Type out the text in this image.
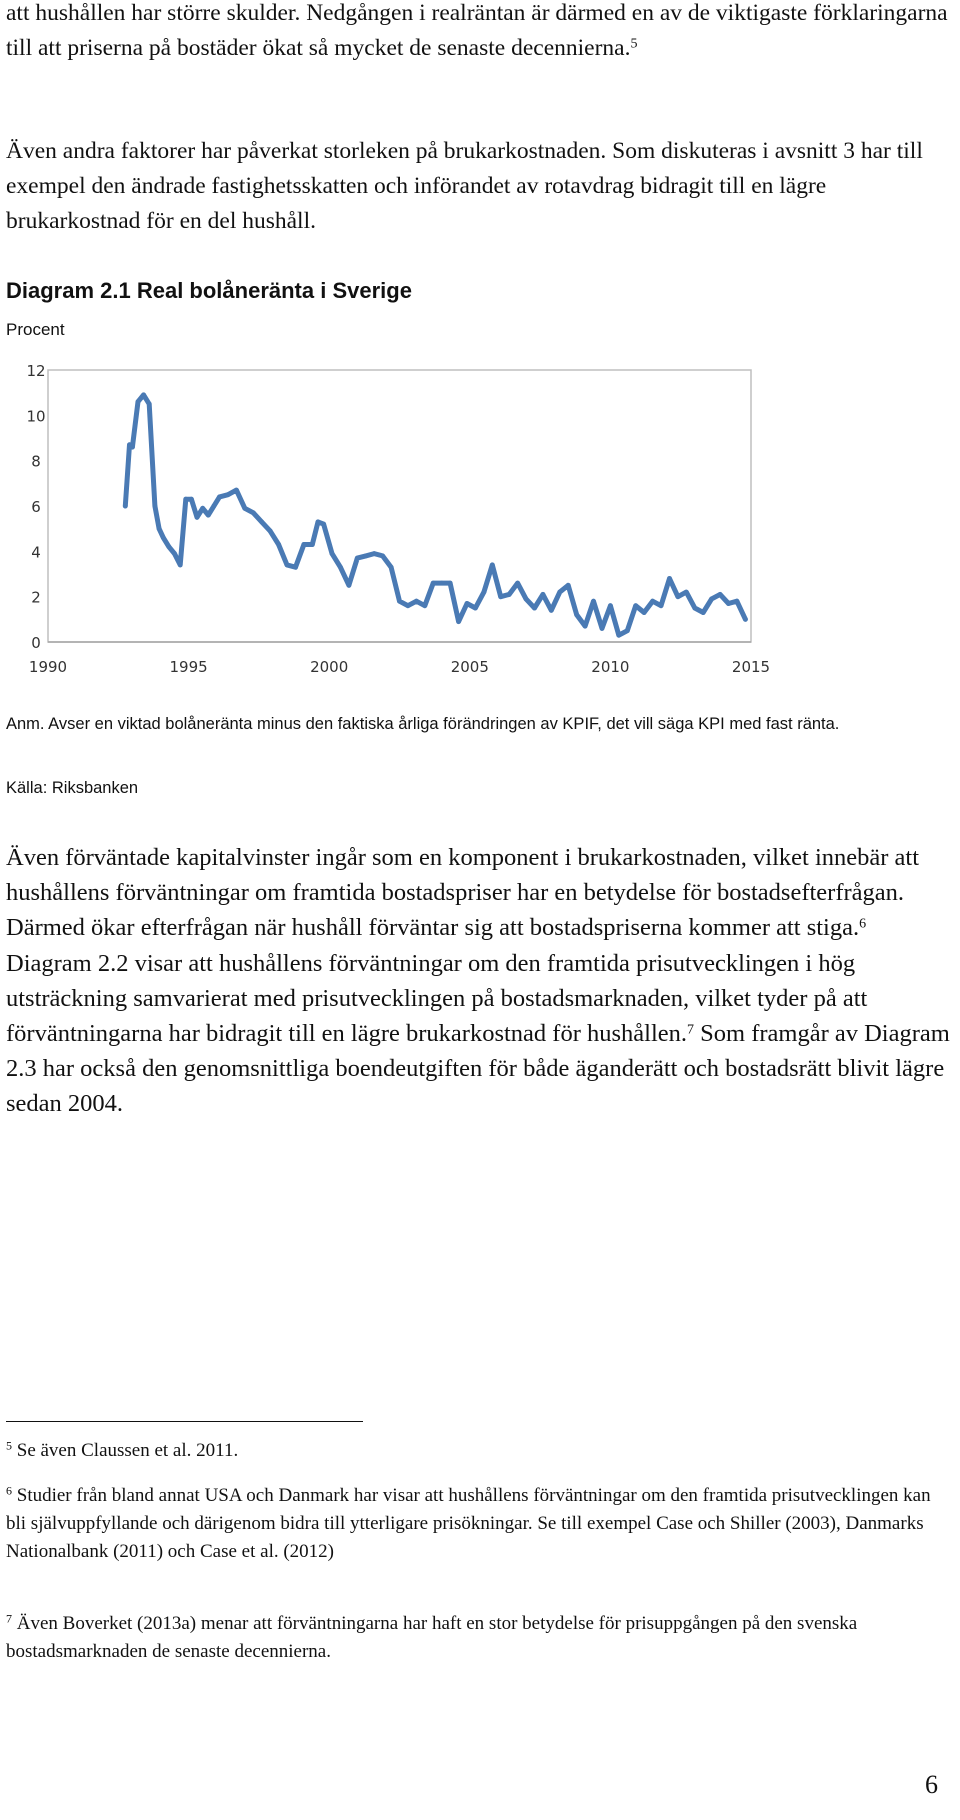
att hushållen har större skulder. Nedgången i realräntan är därmed en av de viktigaste förklaringarna till att priserna på bostäder ökat så mycket de senaste decennierna.$^5$

Även andra faktorer har påverkat storleken på brukarkostnaden. Som diskuteras i avsnitt 3 har till exempel den ändrade fastighetsskatten och införandet av rotavdrag bidragit till en lägre brukarkostnad för en del hushåll.

Diagram 2.1 Real bolåneränta i Sverige
Procent
0
2
4
6
8
10
12
1990	1995	2000	2005	2010	2015

Anm. Avser en viktad bolåneränta minus den faktiska årliga förändringen av KPIF, det vill säga KPI med fast ränta.

Källa: Riksbanken

Även förväntade kapitalvinster ingår som en komponent i brukarkostnaden, vilket innebär att hushållens förväntningar om framtida bostadspriser har en betydelse för bostadsefterfrågan. Därmed ökar efterfrågan när hushåll förväntar sig att bostadspriserna kommer att stiga.$^6$ Diagram 2.2 visar att hushållens förväntningar om den framtida prisutvecklingen i hög utsträckning samvarierat med prisutvecklingen på bostadsmarknaden, vilket tyder på att förväntningarna har bidragit till en lägre brukarkostnad för hushållen.$^7$ Som framgår av Diagram 2.3 har också den genomsnittliga boendeutgiften för både äganderätt och bostadsrätt blivit lägre sedan 2004.

$^5$ Se även Claussen et al. 2011.

$^6$ Studier från bland annat USA och Danmark har visar att hushållens förväntningar om den framtida prisutvecklingen kan bli självuppfyllande och därigenom bidra till ytterligare prisökningar. Se till exempel Case och Shiller (2003), Danmarks Nationalbank (2011) och Case et al. (2012)

$^7$ Även Boverket (2013a) menar att förväntningarna har haft en stor betydelse för prisuppgången på den svenska bostadsmarknaden de senaste decennierna.

6
